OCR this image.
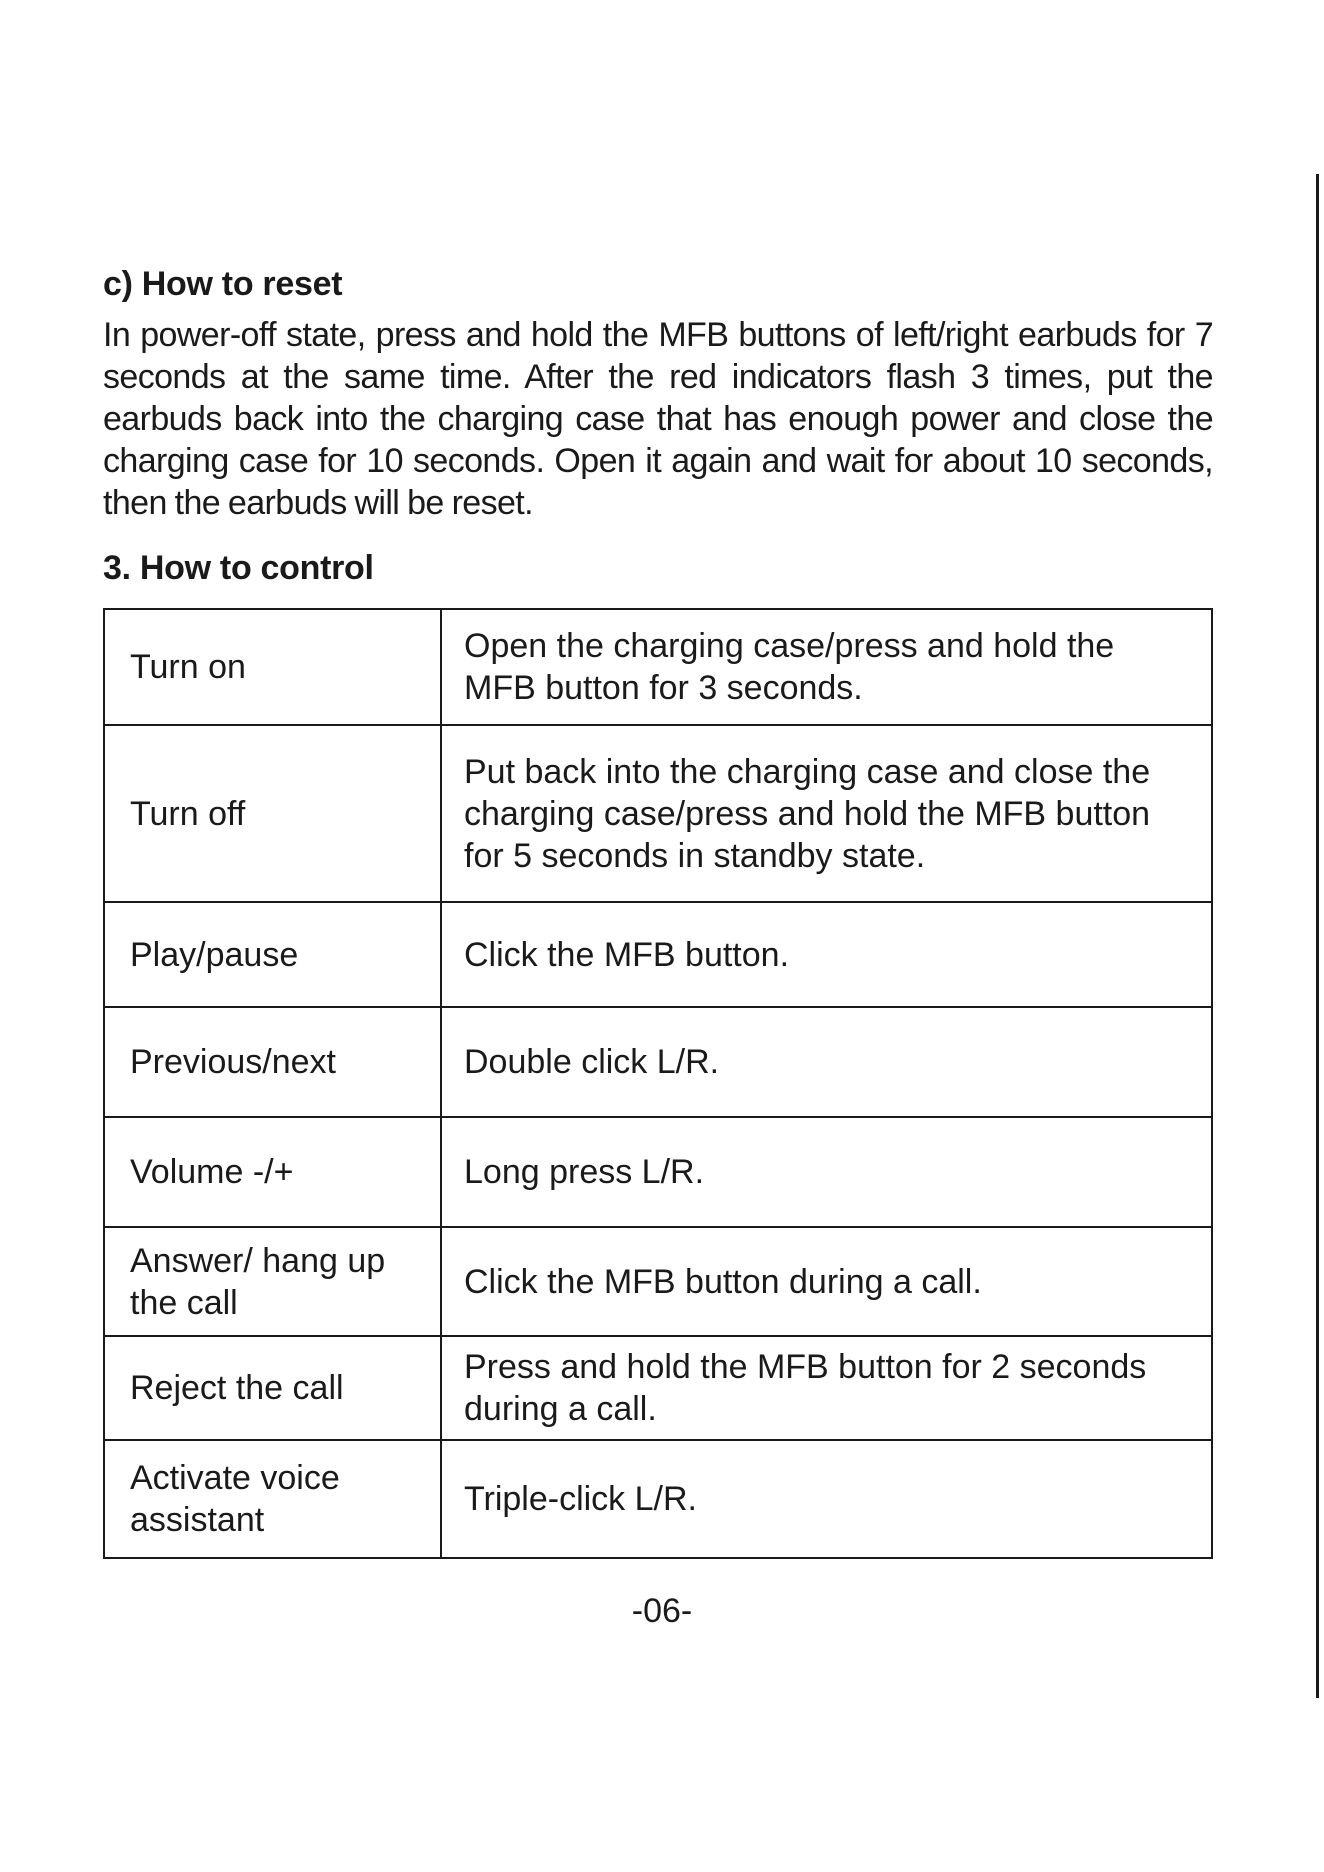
c) How to reset

In power-off state, press and hold the MFB buttons of left/right earbuds for 7 seconds at the same time. After the red indicators flash 3 times, put the earbuds back into the charging case that has enough power and close the charging case for 10 seconds. Open it again and wait for about 10 seconds, then the earbuds will be reset.

3. How to control
Turn on	Open the charging case/press and hold the MFB button for 3 seconds.
Turn off	Put back into the charging case and close the charging case/press and hold the MFB button for 5 seconds in standby state.
Play/pause	Click the MFB button.
Previous/next	Double click L/R.
Volume -/+	Long press L/R.
Answer/ hang up the call	Click the MFB button during a call.
Reject the call	Press and hold the MFB button for 2 seconds during a call.
Activate voice assistant	Triple-click L/R.
-06-
